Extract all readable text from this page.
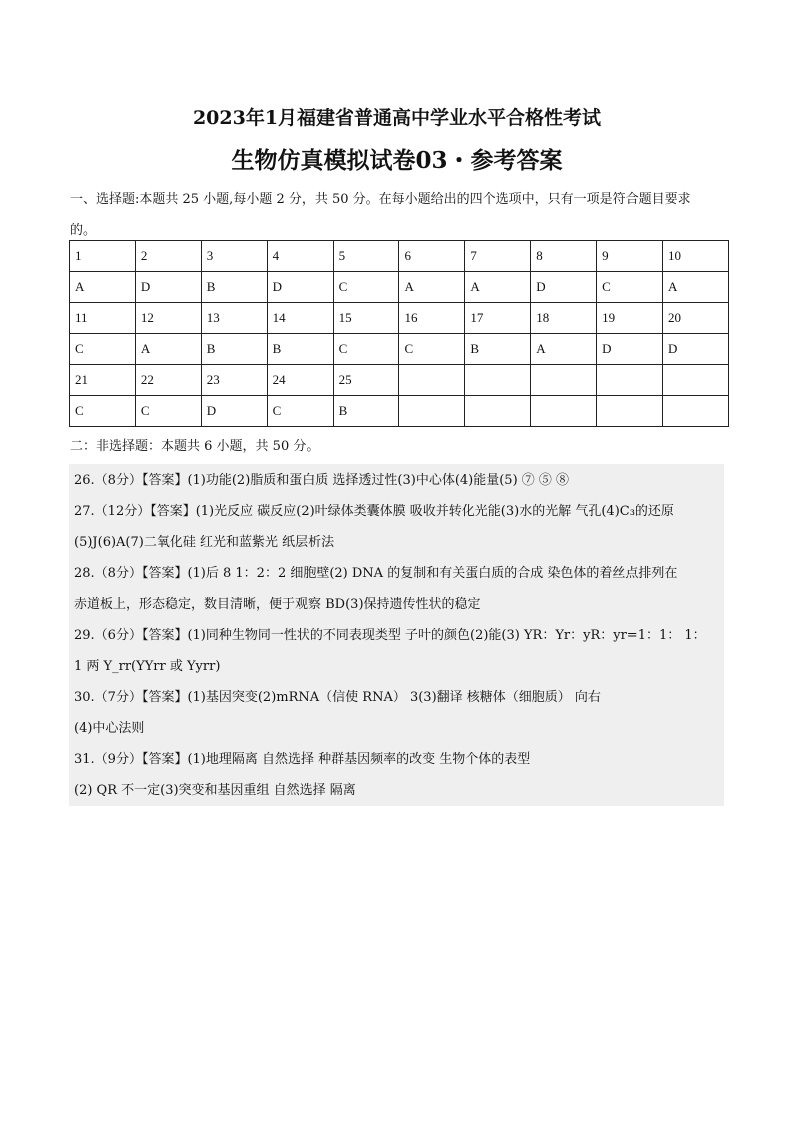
2023年1月福建省普通高中学业水平合格性考试
生物仿真模拟试卷03・参考答案
一、选择题:本题共 25 小题,每小题 2 分，共 50 分。在每小题给出的四个选项中，只有一项是符合题目要求
的。
1	2	3	4	5	6	7	8	9	10
A	D	B	D	C	A	A	D	C	A
11	12	13	14	15	16	17	18	19	20
C	A	B	B	C	C	B	A	D	D
21	22	23	24	25					
C	C	D	C	B					
二：非选择题：本题共 6 小题，共 50 分。
26.（8分）【答案】(1)功能(2)脂质和蛋白质 选择透过性(3)中心体(4)能量(5) ⑦ ⑤ ⑧
27.（12分）【答案】(1)光反应 碳反应(2)叶绿体类囊体膜 吸收并转化光能(3)水的光解 气孔(4)C₃的还原
(5)J(6)A(7)二氧化硅 红光和蓝紫光 纸层析法
28.（8分）【答案】(1)后 8 1：2：2 细胞壁(2) DNA 的复制和有关蛋白质的合成 染色体的着丝点排列在
赤道板上，形态稳定，数目清晰，便于观察 BD(3)保持遗传性状的稳定
29.（6分）【答案】(1)同种生物同一性状的不同表现类型 子叶的颜色(2)能(3) YR：Yr：yR：yr=1：1： 1：
1 两 Y_rr(YYrr 或 Yyrr)
30.（7分）【答案】(1)基因突变(2)mRNA（信使 RNA） 3(3)翻译 核糖体（细胞质） 向右
(4)中心法则
31.（9分）【答案】(1)地理隔离 自然选择 种群基因频率的改变 生物个体的表型
(2) QR 不一定(3)突变和基因重组 自然选择 隔离
